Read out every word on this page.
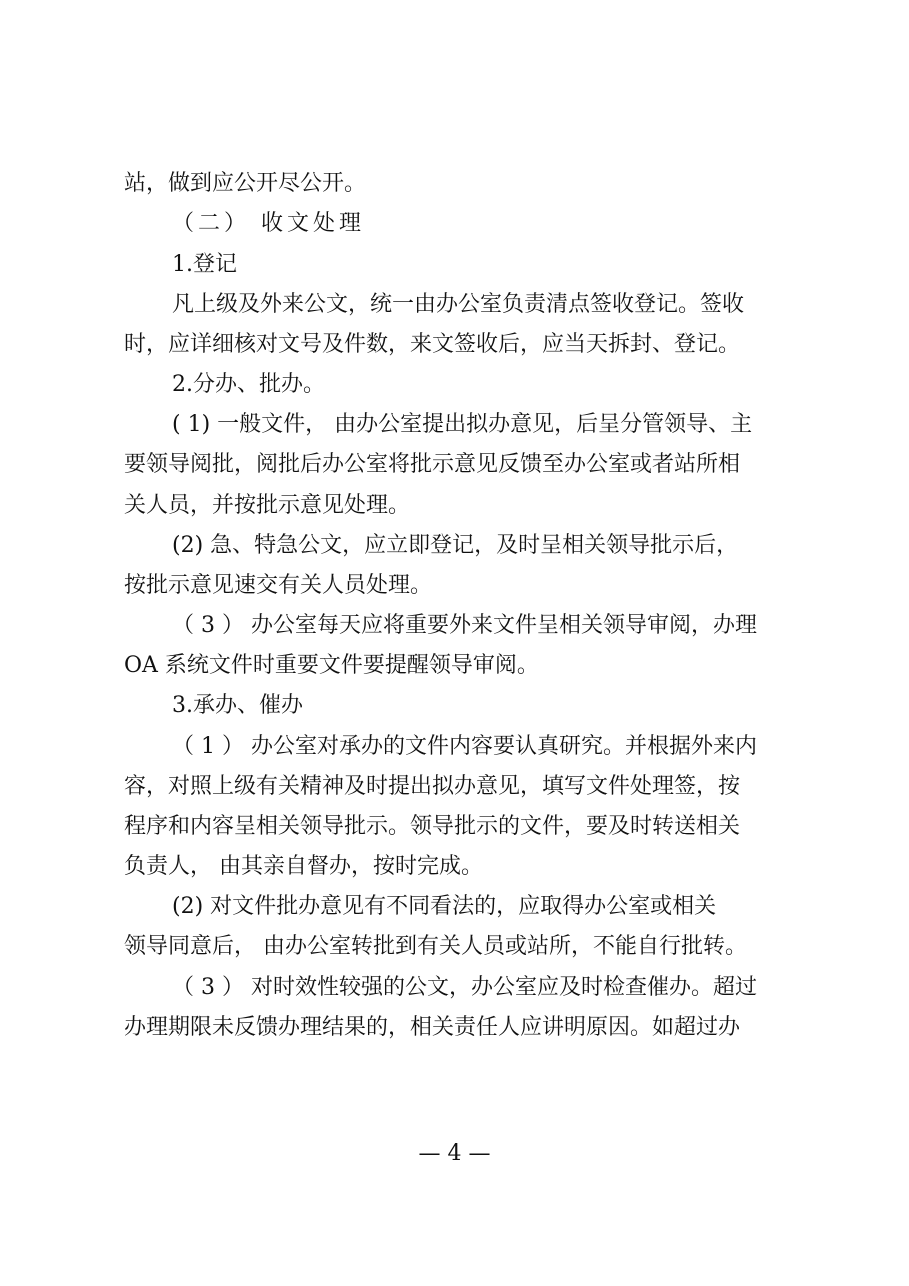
站，做到应公开尽公开。
（二） 收文处理
1.登记
凡上级及外来公文，统一由办公室负责清点签收登记。签收
时，应详细核对文号及件数，来文签收后，应当天拆封、登记。
2.分办、批办。
( 1) 一般文件， 由办公室提出拟办意见，后呈分管领导、主
要领导阅批，阅批后办公室将批示意见反馈至办公室或者站所相
关人员，并按批示意见处理。
(2) 急、特急公文，应立即登记，及时呈相关领导批示后，
按批示意见速交有关人员处理。
（ 3 ） 办公室每天应将重要外来文件呈相关领导审阅，办理
OA 系统文件时重要文件要提醒领导审阅。
3.承办、催办
（ 1 ） 办公室对承办的文件内容要认真研究。并根据外来内
容，对照上级有关精神及时提出拟办意见，填写文件处理签，按
程序和内容呈相关领导批示。领导批示的文件，要及时转送相关
负责人， 由其亲自督办，按时完成。
(2) 对文件批办意见有不同看法的，应取得办公室或相关
领导同意后， 由办公室转批到有关人员或站所，不能自行批转。
（ 3 ） 对时效性较强的公文，办公室应及时检查催办。超过
办理期限未反馈办理结果的，相关责任人应讲明原因。如超过办
— 4 —
